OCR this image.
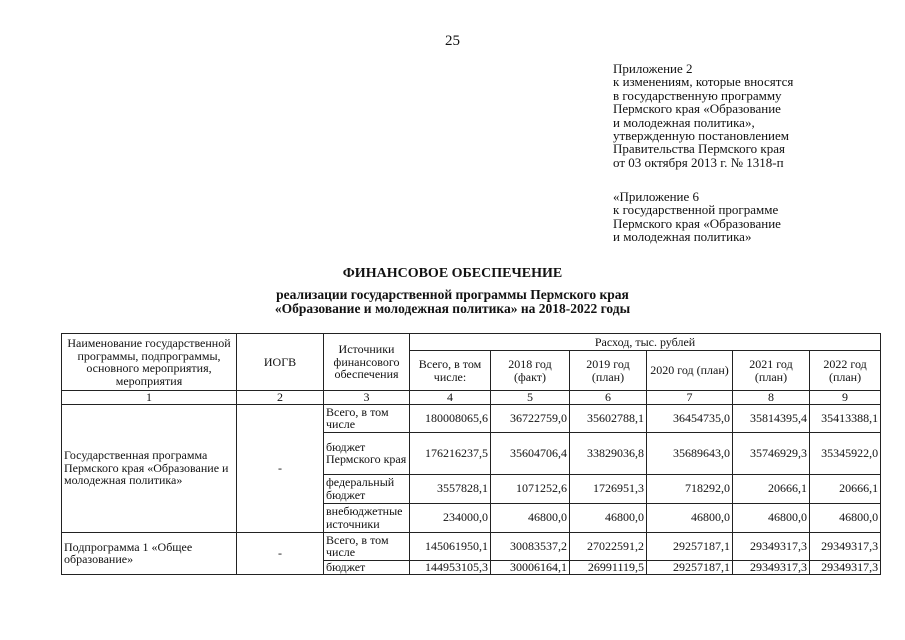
25
Приложение 2
к изменениям, которые вносятся
в государственную программу
Пермского края «Образование
и молодежная политика»,
утвержденную постановлением
Правительства Пермского края
от 03 октября 2013 г. № 1318-п
«Приложение 6
к государственной программе
Пермского края «Образование
и молодежная политика»
ФИНАНСОВОЕ ОБЕСПЕЧЕНИЕ
реализации государственной программы Пермского края
«Образование и молодежная политика» на 2018-2022 годы
Наименование государственной программы, подпрограммы, основного мероприятия, мероприятия	ИОГВ	Источники финансового обеспечения	Расход, тыс. рублей					
			Всего, в том числе:	2018 год (факт)	2019 год (план)	2020 год (план)	2021 год (план)	2022 год (план)
1	2	3	4	5	6	7	8	9
Государственная программа Пермского края «Образование и молодежная политика»	-	Всего, в том числе	180008065,6	36722759,0	35602788,1	36454735,0	35814395,4	35413388,1
		бюджет Пермского края	176216237,5	35604706,4	33829036,8	35689643,0	35746929,3	35345922,0
		федеральный бюджет	3557828,1	1071252,6	1726951,3	718292,0	20666,1	20666,1
		внебюджетные источники	234000,0	46800,0	46800,0	46800,0	46800,0	46800,0
Подпрограмма 1 «Общее образование»	-	Всего, в том числе	145061950,1	30083537,2	27022591,2	29257187,1	29349317,3	29349317,3
		бюджет	144953105,3	30006164,1	26991119,5	29257187,1	29349317,3	29349317,3
